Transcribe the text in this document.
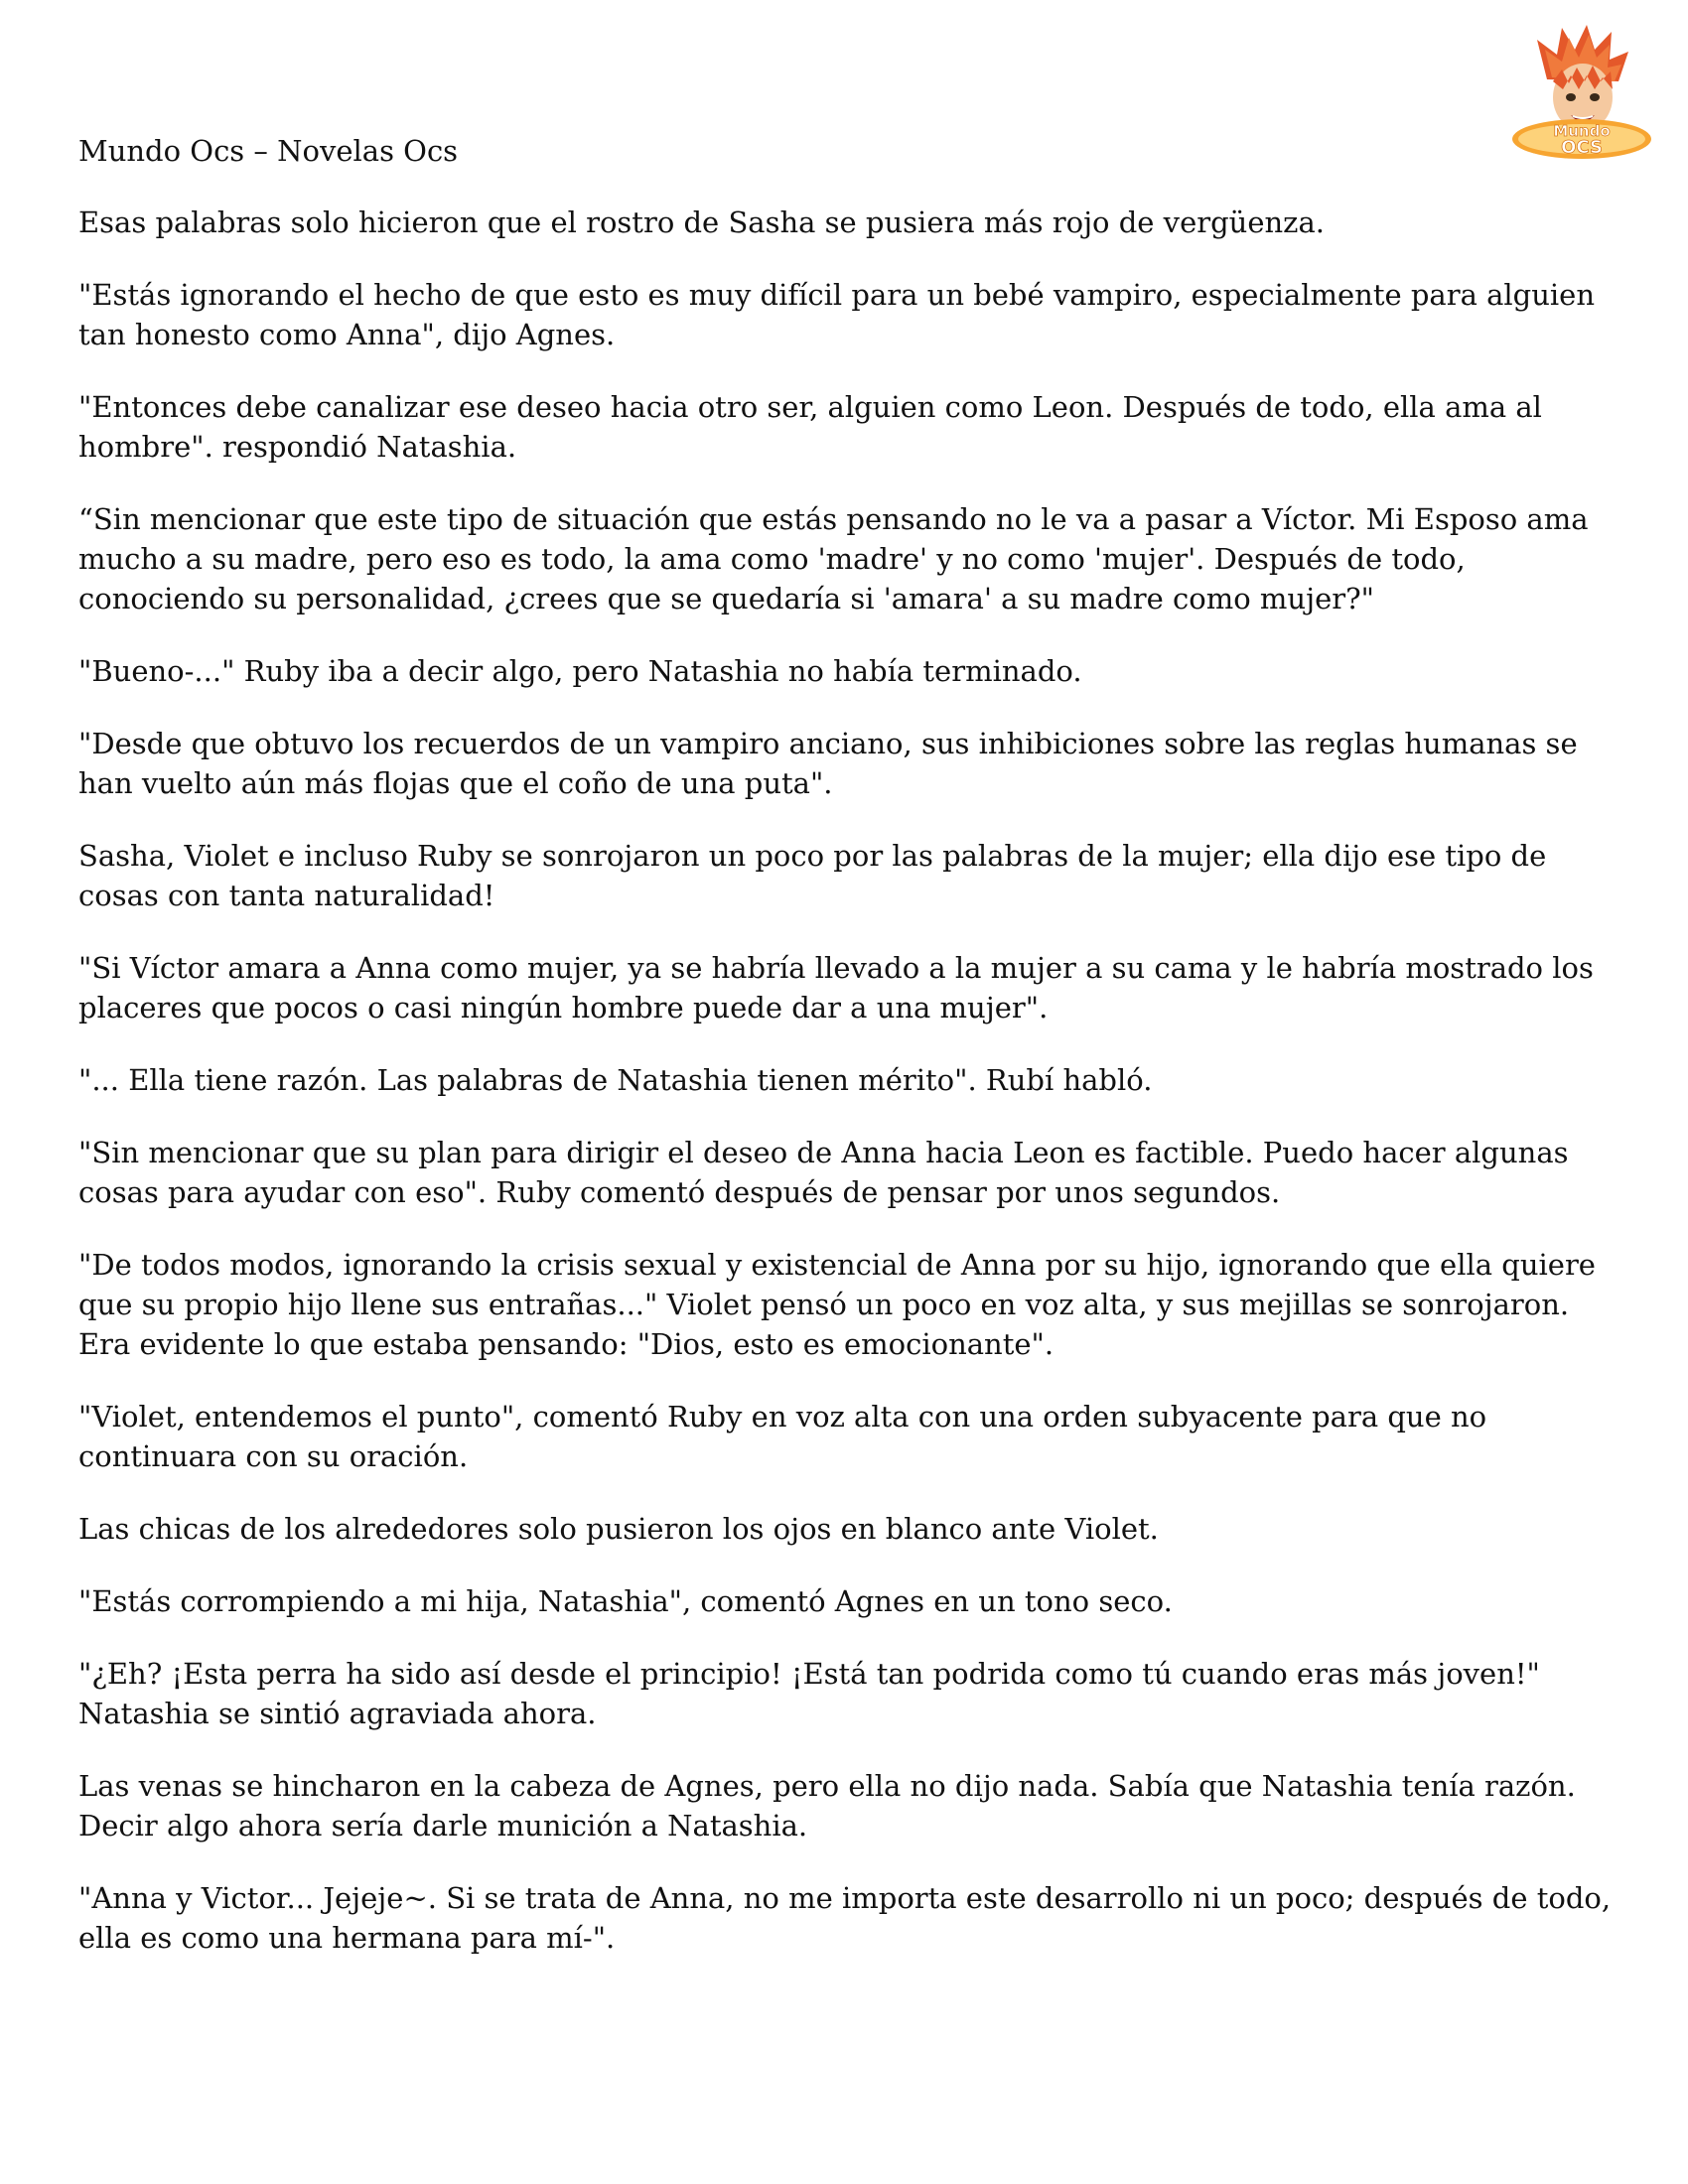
Mundo
OCS

Mundo Ocs – Novelas Ocs

Esas palabras solo hicieron que el rostro de Sasha se pusiera más rojo de vergüenza.

"Estás ignorando el hecho de que esto es muy difícil para un bebé vampiro, especialmente para alguien tan honesto como Anna", dijo Agnes.

"Entonces debe canalizar ese deseo hacia otro ser, alguien como Leon. Después de todo, ella ama al hombre". respondió Natashia.

“Sin mencionar que este tipo de situación que estás pensando no le va a pasar a Víctor. Mi Esposo ama mucho a su madre, pero eso es todo, la ama como 'madre' y no como 'mujer'. Después de todo, conociendo su personalidad, ¿crees que se quedaría si 'amara' a su madre como mujer?"

"Bueno-..." Ruby iba a decir algo, pero Natashia no había terminado.

"Desde que obtuvo los recuerdos de un vampiro anciano, sus inhibiciones sobre las reglas humanas se han vuelto aún más flojas que el coño de una puta".

Sasha, Violet e incluso Ruby se sonrojaron un poco por las palabras de la mujer; ella dijo ese tipo de cosas con tanta naturalidad!

"Si Víctor amara a Anna como mujer, ya se habría llevado a la mujer a su cama y le habría mostrado los placeres que pocos o casi ningún hombre puede dar a una mujer".

"... Ella tiene razón. Las palabras de Natashia tienen mérito". Rubí habló.

"Sin mencionar que su plan para dirigir el deseo de Anna hacia Leon es factible. Puedo hacer algunas cosas para ayudar con eso". Ruby comentó después de pensar por unos segundos.

"De todos modos, ignorando la crisis sexual y existencial de Anna por su hijo, ignorando que ella quiere que su propio hijo llene sus entrañas..." Violet pensó un poco en voz alta, y sus mejillas se sonrojaron. Era evidente lo que estaba pensando: "Dios, esto es emocionante".

"Violet, entendemos el punto", comentó Ruby en voz alta con una orden subyacente para que no continuara con su oración.

Las chicas de los alrededores solo pusieron los ojos en blanco ante Violet.

"Estás corrompiendo a mi hija, Natashia", comentó Agnes en un tono seco.

"¿Eh? ¡Esta perra ha sido así desde el principio! ¡Está tan podrida como tú cuando eras más joven!" Natashia se sintió agraviada ahora.

Las venas se hincharon en la cabeza de Agnes, pero ella no dijo nada. Sabía que Natashia tenía razón. Decir algo ahora sería darle munición a Natashia.

"Anna y Victor... Jejeje~. Si se trata de Anna, no me importa este desarrollo ni un poco; después de todo, ella es como una hermana para mí-".
